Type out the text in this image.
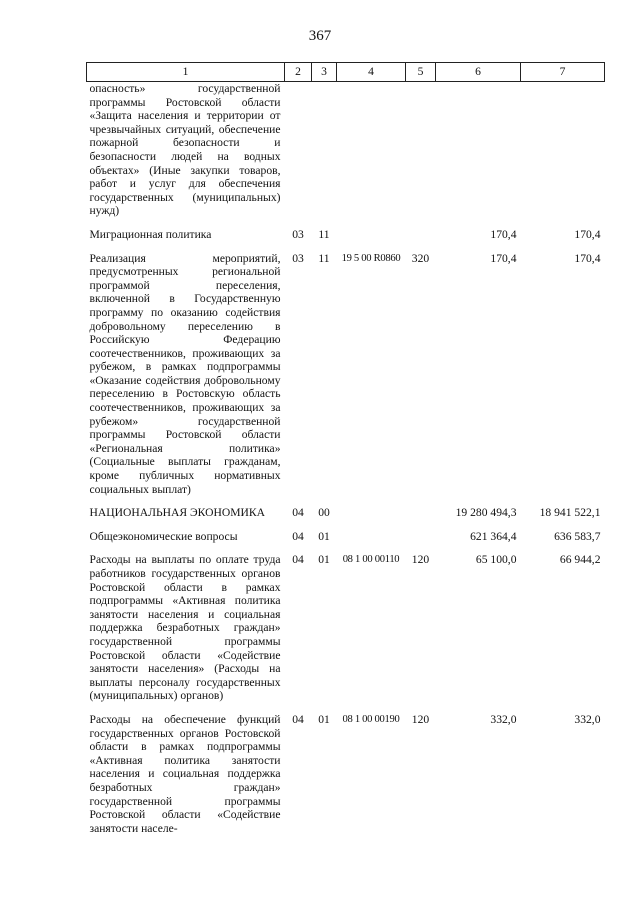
367
1	2	3	4	5	6	7
опасность» государственной программы Ростовской области «Защита населения и территории от чрезвычайных ситуаций, обеспечение пожарной безопасности и безопасности людей на водных объектах» (Иные закупки товаров, работ и услуг для обеспечения государственных (муниципальных) нужд)						
Миграционная политика	03	11			170,4	170,4
Реализация мероприятий, предусмотренных региональной программой переселения, включенной в Государственную программу по оказанию содействия добровольному переселению в Российскую Федерацию соотечественников, проживающих за рубежом, в рамках подпрограммы «Оказание содействия добровольному переселению в Ростовскую область соотечественников, проживающих за рубежом» государственной программы Ростовской области «Региональная политика» (Социальные выплаты гражданам, кроме публичных нормативных социальных выплат)	03	11	19 5 00 R0860	320	170,4	170,4
НАЦИОНАЛЬНАЯ ЭКОНОМИКА	04	00			19 280 494,3	18 941 522,1
Общеэкономические вопросы	04	01			621 364,4	636 583,7
Расходы на выплаты по оплате труда работников государственных органов Ростовской области в рамках подпрограммы «Активная политика занятости населения и социальная поддержка безработных граждан» государственной программы Ростовской области «Содействие занятости населения» (Расходы на выплаты персоналу государственных (муниципальных) органов)	04	01	08 1 00 00110	120	65 100,0	66 944,2
Расходы на обеспечение функций государственных органов Ростовской области в рамках подпрограммы «Активная политика занятости населения и социальная поддержка безработных граждан» государственной программы Ростовской области «Содействие занятости населе-	04	01	08 1 00 00190	120	332,0	332,0
